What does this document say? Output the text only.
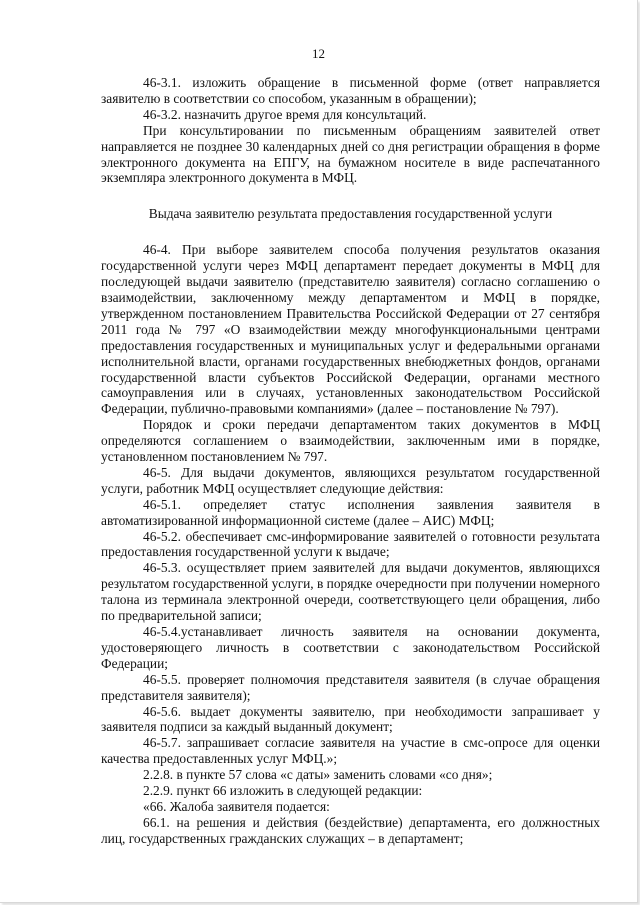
12

46-3.1. изложить обращение в письменной форме (ответ направляется заявителю в соответствии со способом, указанным в обращении);

46-3.2. назначить другое время для консультаций.

При консультировании по письменным обращениям заявителей ответ направляется не позднее 30 календарных дней со дня регистрации обращения в форме электронного документа на ЕПГУ, на бумажном носителе в виде распечатанного экземпляра электронного документа в МФЦ.

Выдача заявителю результата предоставления государственной услуги

46-4. При выборе заявителем способа получения результатов оказания государственной услуги через МФЦ департамент передает документы в МФЦ для последующей выдачи заявителю (представителю заявителя) согласно соглашению о взаимодействии, заключенному между департаментом и МФЦ в порядке, утвержденном постановлением Правительства Российской Федерации от 27 сентября 2011 года № 797 «О взаимодействии между многофункциональными центрами предоставления государственных и муниципальных услуг и федеральными органами исполнительной власти, органами государственных внебюджетных фондов, органами государственной власти субъектов Российской Федерации, органами местного самоуправления или в случаях, установленных законодательством Российской Федерации, публично-правовыми компаниями» (далее – постановление № 797).

Порядок и сроки передачи департаментом таких документов в МФЦ определяются соглашением о взаимодействии, заключенным ими в порядке, установленном постановлением № 797.

46-5. Для выдачи документов, являющихся результатом государственной услуги, работник МФЦ осуществляет следующие действия:

46-5.1. определяет статус исполнения заявления заявителя в автоматизированной информационной системе (далее – АИС) МФЦ;

46-5.2. обеспечивает смс-информирование заявителей о готовности результата предоставления государственной услуги к выдаче;

46-5.3. осуществляет прием заявителей для выдачи документов, являющихся результатом государственной услуги, в порядке очередности при получении номерного талона из терминала электронной очереди, соответствующего цели обращения, либо по предварительной записи;

46-5.4.устанавливает личность заявителя на основании документа, удостоверяющего личность в соответствии с законодательством Российской Федерации;

46-5.5. проверяет полномочия представителя заявителя (в случае обращения представителя заявителя);

46-5.6. выдает документы заявителю, при необходимости запрашивает у заявителя подписи за каждый выданный документ;

46-5.7. запрашивает согласие заявителя на участие в смс-опросе для оценки качества предоставленных услуг МФЦ.»;

2.2.8. в пункте 57 слова «с даты» заменить словами «со дня»;

2.2.9. пункт 66 изложить в следующей редакции:

«66. Жалоба заявителя подается:

66.1. на решения и действия (бездействие) департамента, его должностных лиц, государственных гражданских служащих – в департамент;
